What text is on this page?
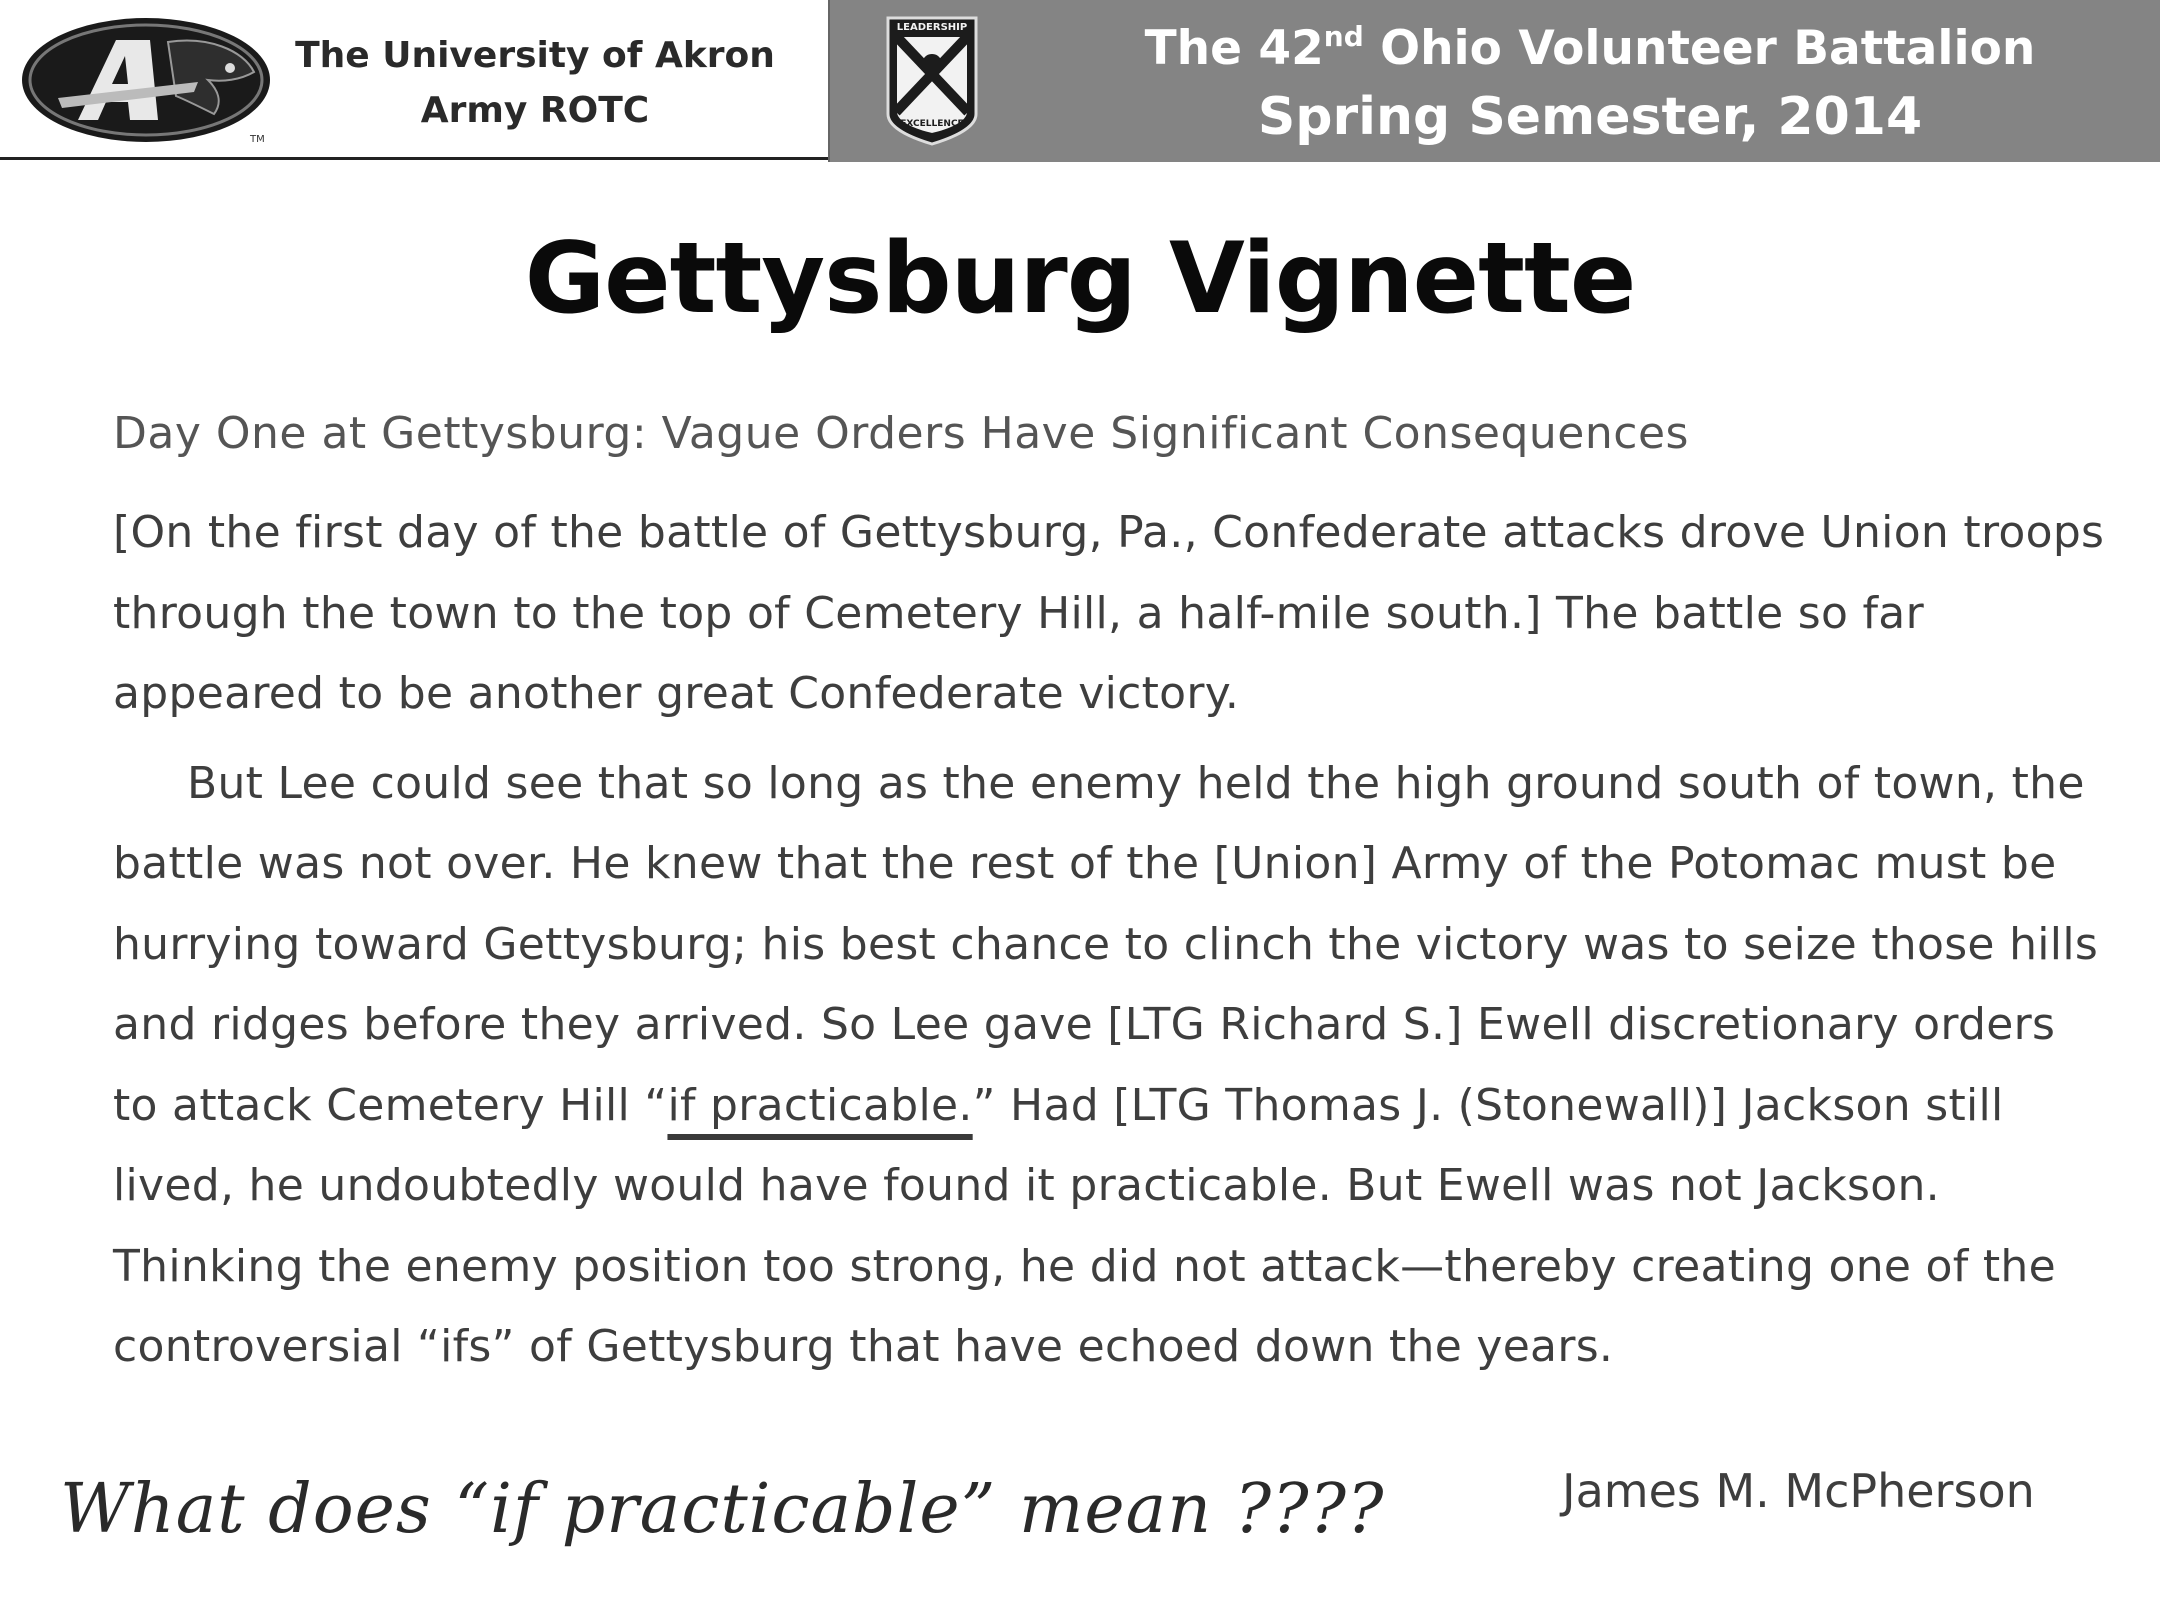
TM
The University of Akron
Army ROTC
LEADERSHIP
EXCELLENCE
The 42nd Ohio Volunteer Battalion
Spring Semester, 2014
Gettysburg Vignette
Day One at Gettysburg: Vague Orders Have Significant Consequences
[On the first day of the battle of Gettysburg, Pa., Confederate attacks drove Union troops through the town to the top of Cemetery Hill, a half-mile south.] The battle so far appeared to be another great Confederate victory.
But Lee could see that so long as the enemy held the high ground south of town, the battle was not over. He knew that the rest of the [Union] Army of the Potomac must be hurrying toward Gettysburg; his best chance to clinch the victory was to seize those hills and ridges before they arrived. So Lee gave [LTG Richard S.] Ewell discretionary orders to attack Cemetery Hill “if practicable.” Had [LTG Thomas J. (Stonewall)] Jackson still lived, he undoubtedly would have found it practicable. But Ewell was not Jackson. Thinking the enemy position too strong, he did not attack—thereby creating one of the controversial “ifs” of Gettysburg that have echoed down the years.
What does “if practicable” mean ????	James M. McPherson
